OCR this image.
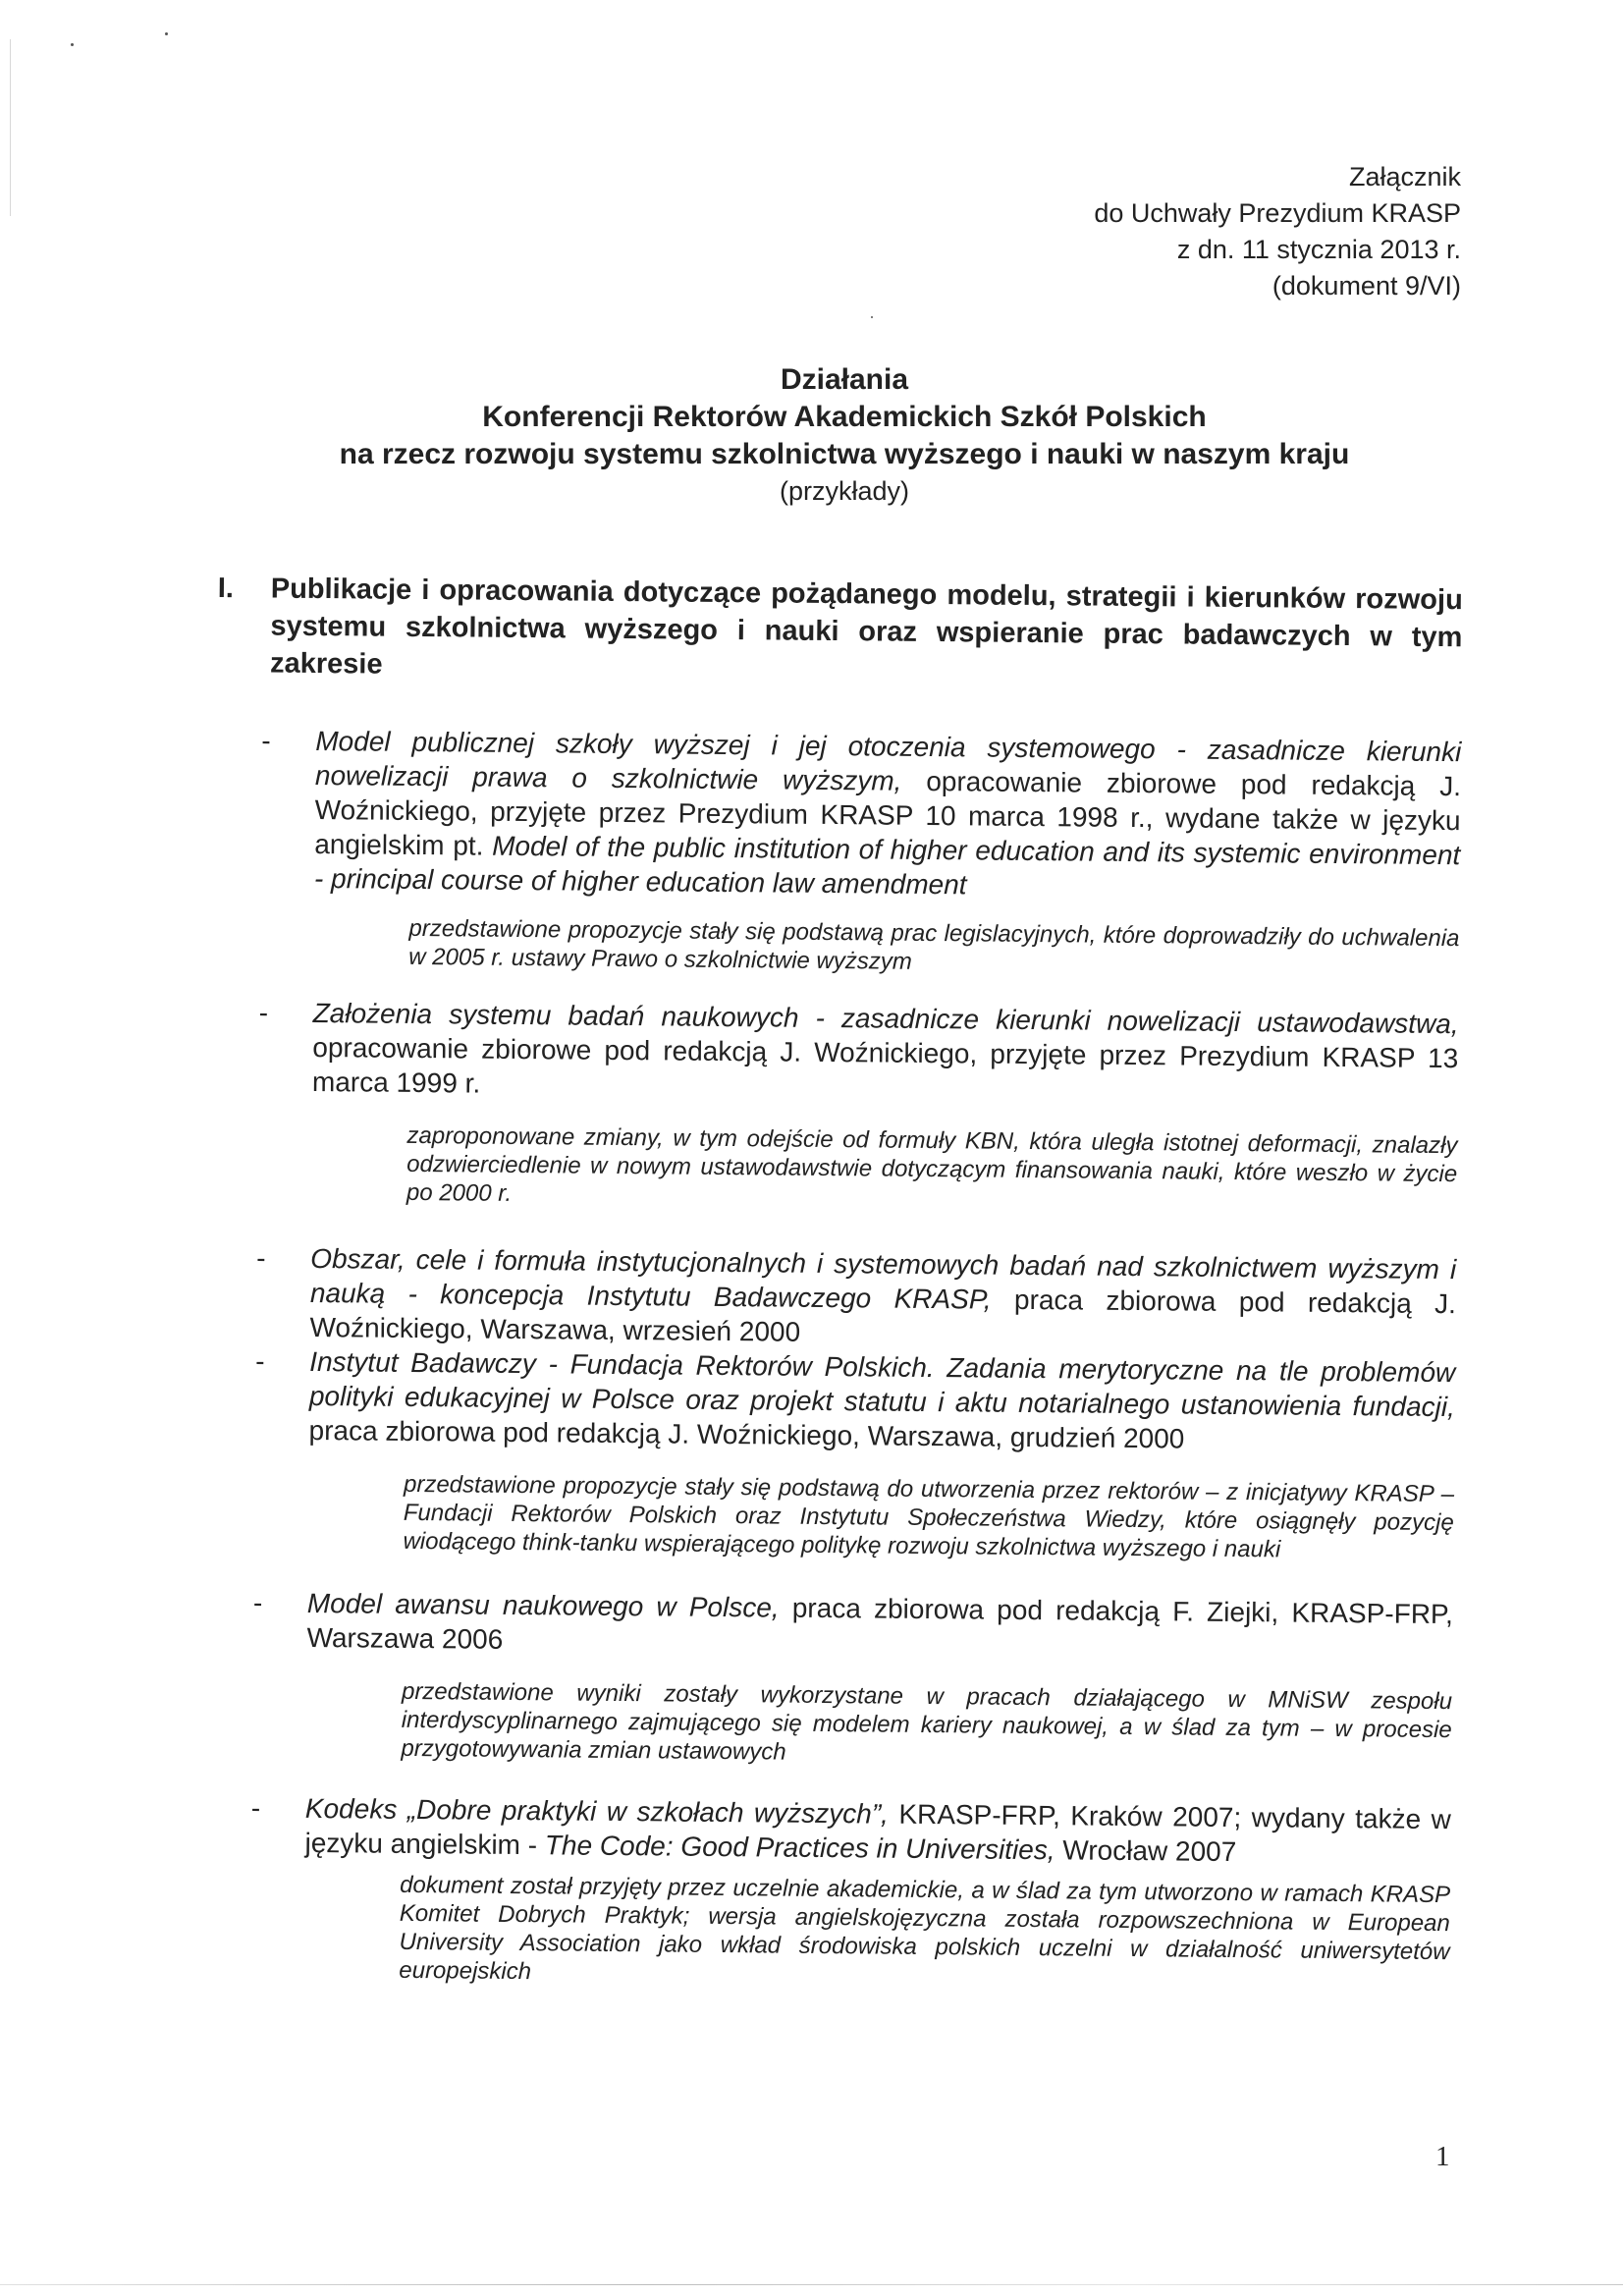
Załącznik
do Uchwały Prezydium KRASP
z dn. 11 stycznia 2013 r.
(dokument 9/VI)
Działania
Konferencji Rektorów Akademickich Szkół Polskich
na rzecz rozwoju systemu szkolnictwa wyższego i nauki w naszym kraju
(przykłady)
I. Publikacje i opracowania dotyczące pożądanego modelu, strategii i kierunków rozwoju systemu szkolnictwa wyższego i nauki oraz wspieranie prac badawczych w tym zakresie
- Model publicznej szkoły wyższej i jej otoczenia systemowego - zasadnicze kierunki nowelizacji prawa o szkolnictwie wyższym, opracowanie zbiorowe pod redakcją J. Woźnickiego, przyjęte przez Prezydium KRASP 10 marca 1998 r., wydane także w języku angielskim pt. Model of the public institution of higher education and its systemic environment - principal course of higher education law amendment
przedstawione propozycje stały się podstawą prac legislacyjnych, które doprowadziły do uchwalenia w 2005 r. ustawy Prawo o szkolnictwie wyższym
- Założenia systemu badań naukowych - zasadnicze kierunki nowelizacji ustawodawstwa, opracowanie zbiorowe pod redakcją J. Woźnickiego, przyjęte przez Prezydium KRASP 13 marca 1999 r.
zaproponowane zmiany, w tym odejście od formuły KBN, która uległa istotnej deformacji, znalazły odzwierciedlenie w nowym ustawodawstwie dotyczącym finansowania nauki, które weszło w życie po 2000 r.
- Obszar, cele i formuła instytucjonalnych i systemowych badań nad szkolnictwem wyższym i nauką - koncepcja Instytutu Badawczego KRASP, praca zbiorowa pod redakcją J. Woźnickiego, Warszawa, wrzesień 2000
- Instytut Badawczy - Fundacja Rektorów Polskich. Zadania merytoryczne na tle problemów polityki edukacyjnej w Polsce oraz projekt statutu i aktu notarialnego ustanowienia fundacji, praca zbiorowa pod redakcją J. Woźnickiego, Warszawa, grudzień 2000
przedstawione propozycje stały się podstawą do utworzenia przez rektorów – z inicjatywy KRASP – Fundacji Rektorów Polskich oraz Instytutu Społeczeństwa Wiedzy, które osiągnęły pozycję wiodącego think-tanku wspierającego politykę rozwoju szkolnictwa wyższego i nauki
- Model awansu naukowego w Polsce, praca zbiorowa pod redakcją F. Ziejki, KRASP-FRP, Warszawa 2006
przedstawione wyniki zostały wykorzystane w pracach działającego w MNiSW zespołu interdyscyplinarnego zajmującego się modelem kariery naukowej, a w ślad za tym – w procesie przygotowywania zmian ustawowych
- Kodeks „Dobre praktyki w szkołach wyższych”, KRASP-FRP, Kraków 2007; wydany także w języku angielskim - The Code: Good Practices in Universities, Wrocław 2007
dokument został przyjęty przez uczelnie akademickie, a w ślad za tym utworzono w ramach KRASP Komitet Dobrych Praktyk; wersja angielskojęzyczna została rozpowszechniona w European University Association jako wkład środowiska polskich uczelni w działalność uniwersytetów europejskich
1
